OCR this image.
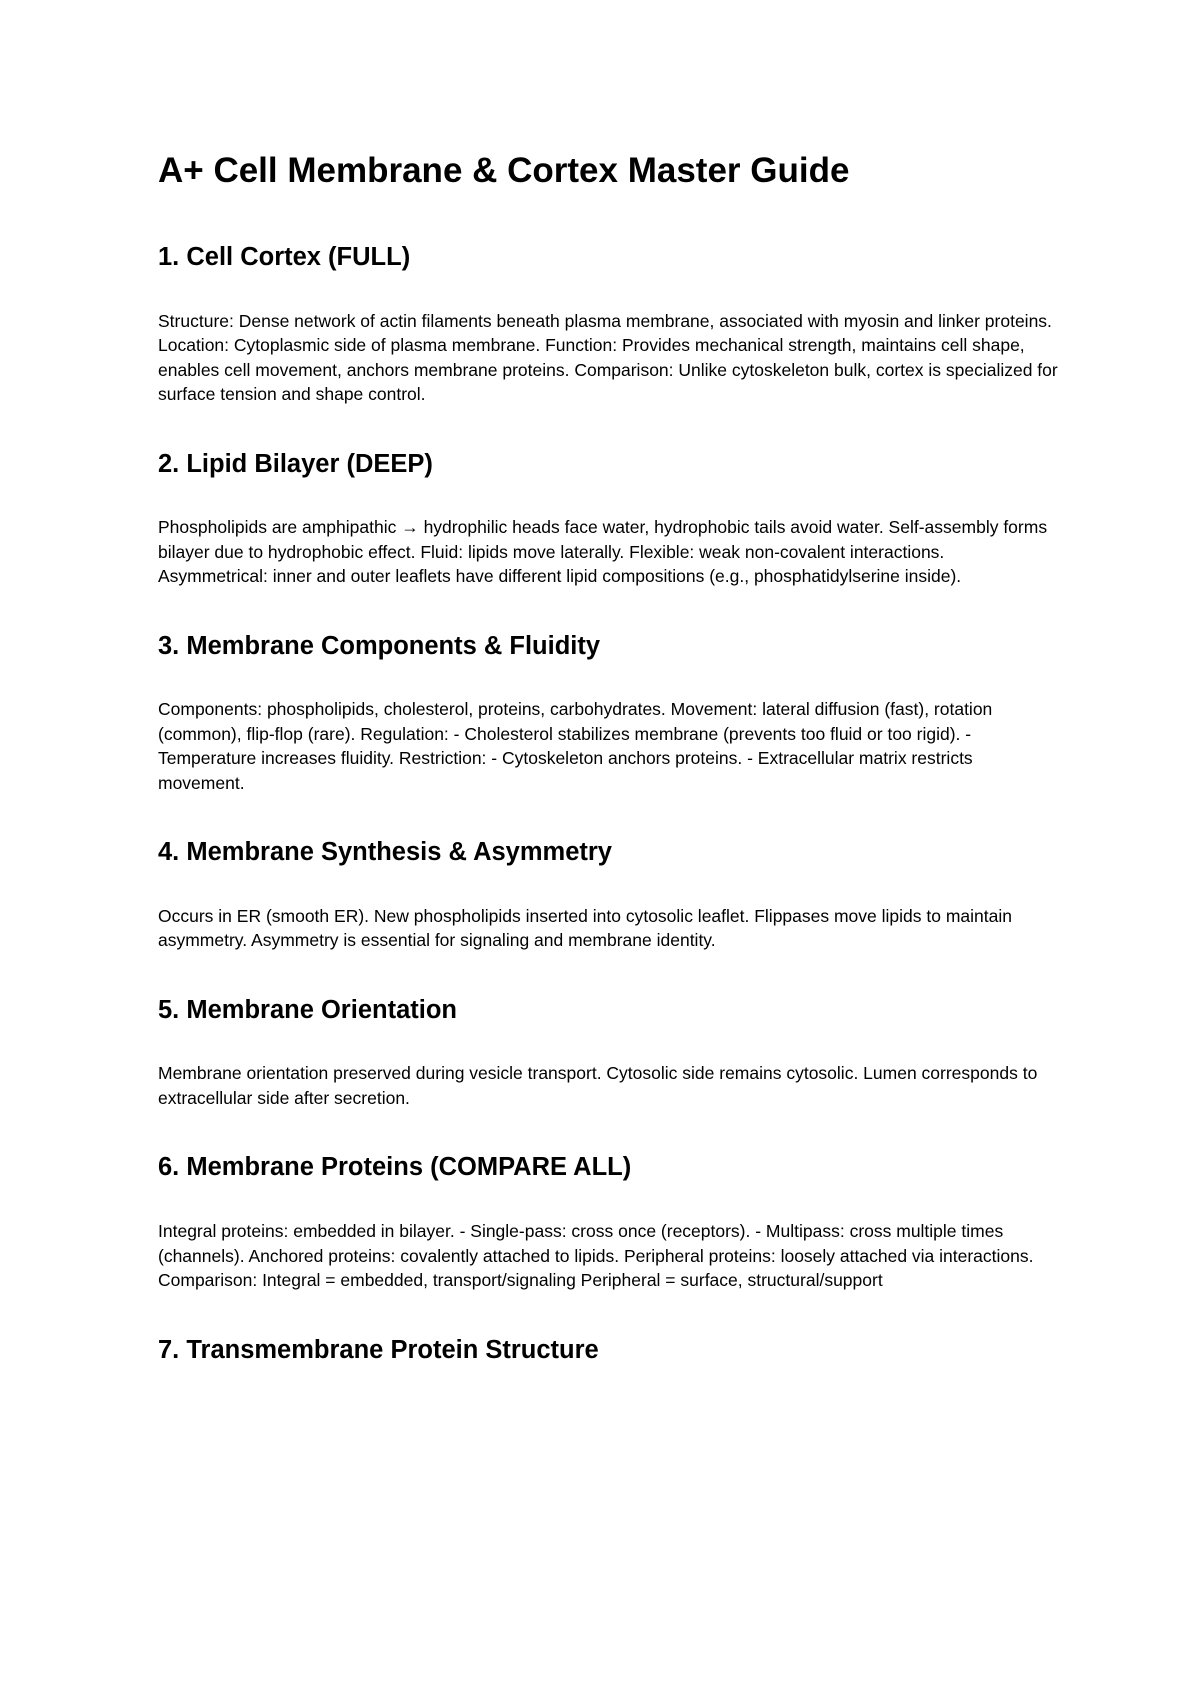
A+ Cell Membrane & Cortex Master Guide
1. Cell Cortex (FULL)

Structure: Dense network of actin filaments beneath plasma membrane, associated with myosin and linker proteins. Location: Cytoplasmic side of plasma membrane. Function: Provides mechanical strength, maintains cell shape, enables cell movement, anchors membrane proteins. Comparison: Unlike cytoskeleton bulk, cortex is specialized for surface tension and shape control.

2. Lipid Bilayer (DEEP)

Phospholipids are amphipathic → hydrophilic heads face water, hydrophobic tails avoid water. Self-assembly forms bilayer due to hydrophobic effect. Fluid: lipids move laterally. Flexible: weak non-covalent interactions. Asymmetrical: inner and outer leaflets have different lipid compositions (e.g., phosphatidylserine inside).

3. Membrane Components & Fluidity

Components: phospholipids, cholesterol, proteins, carbohydrates. Movement: lateral diffusion (fast), rotation (common), flip-flop (rare). Regulation: - Cholesterol stabilizes membrane (prevents too fluid or too rigid). - Temperature increases fluidity. Restriction: - Cytoskeleton anchors proteins. - Extracellular matrix restricts movement.

4. Membrane Synthesis & Asymmetry

Occurs in ER (smooth ER). New phospholipids inserted into cytosolic leaflet. Flippases move lipids to maintain asymmetry. Asymmetry is essential for signaling and membrane identity.

5. Membrane Orientation

Membrane orientation preserved during vesicle transport. Cytosolic side remains cytosolic. Lumen corresponds to extracellular side after secretion.

6. Membrane Proteins (COMPARE ALL)

Integral proteins: embedded in bilayer. - Single-pass: cross once (receptors). - Multipass: cross multiple times (channels). Anchored proteins: covalently attached to lipids. Peripheral proteins: loosely attached via interactions. Comparison: Integral = embedded, transport/signaling Peripheral = surface, structural/support

7. Transmembrane Protein Structure
